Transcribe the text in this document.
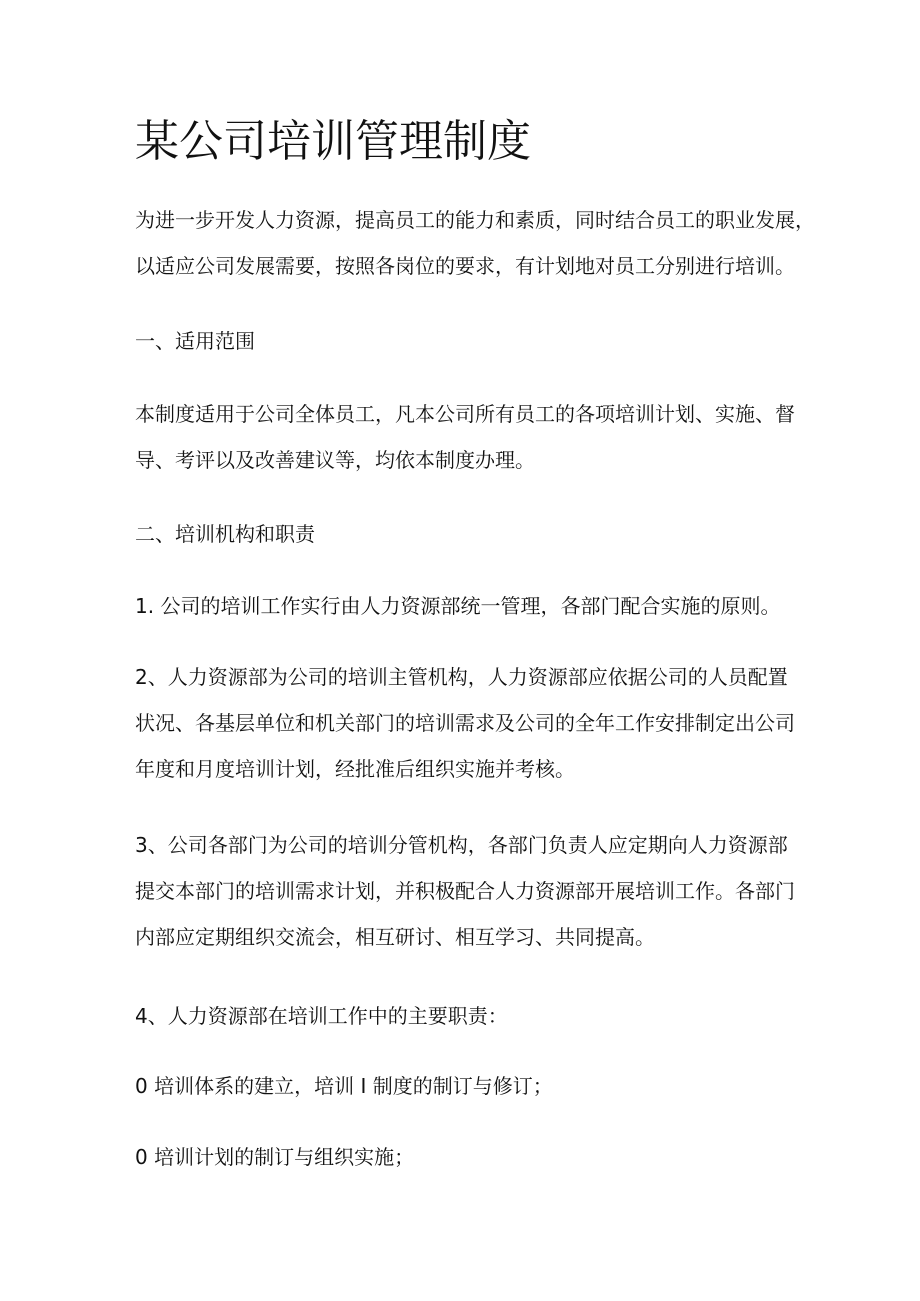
某公司培训管理制度

为进一步开发人力资源，提高员工的能力和素质，同时结合员工的职业发展，
以适应公司发展需要，按照各岗位的要求，有计划地对员工分别进行培训。

一、适用范围

本制度适用于公司全体员工，凡本公司所有员工的各项培训计划、实施、督
导、考评以及改善建议等，均依本制度办理。

二、培训机构和职责

1. 公司的培训工作实行由人力资源部统一管理，各部门配合实施的原则。

2、人力资源部为公司的培训主管机构，人力资源部应依据公司的人员配置
状况、各基层单位和机关部门的培训需求及公司的全年工作安排制定出公司
年度和月度培训计划，经批准后组织实施并考核。

3、公司各部门为公司的培训分管机构，各部门负责人应定期向人力资源部
提交本部门的培训需求计划，并积极配合人力资源部开展培训工作。各部门
内部应定期组织交流会，相互研讨、相互学习、共同提高。

4、人力资源部在培训工作中的主要职责：

0 培训体系的建立，培训 I 制度的制订与修订；

0 培训计划的制订与组织实施；
